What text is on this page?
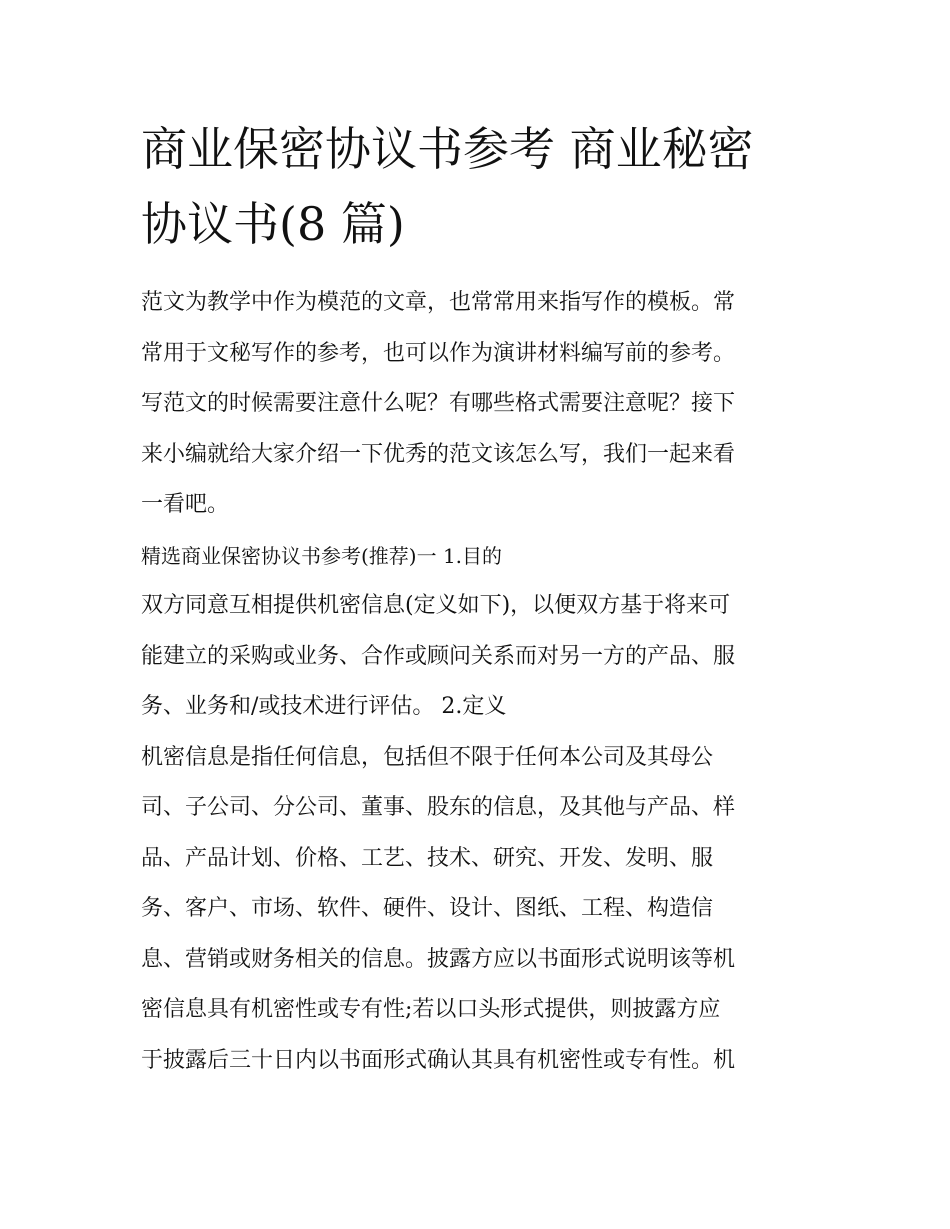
商业保密协议书参考 商业秘密
协议书(8 篇)
范文为教学中作为模范的文章，也常常用来指写作的模板。常
常用于文秘写作的参考，也可以作为演讲材料编写前的参考。
写范文的时候需要注意什么呢？有哪些格式需要注意呢？接下
来小编就给大家介绍一下优秀的范文该怎么写，我们一起来看
一看吧。
精选商业保密协议书参考(推荐)一 1.目的
双方同意互相提供机密信息(定义如下)，以便双方基于将来可
能建立的采购或业务、合作或顾问关系而对另一方的产品、服
务、业务和/或技术进行评估。 2.定义
机密信息是指任何信息，包括但不限于任何本公司及其母公
司、子公司、分公司、董事、股东的信息，及其他与产品、样
品、产品计划、价格、工艺、技术、研究、开发、发明、服
务、客户、市场、软件、硬件、设计、图纸、工程、构造信
息、营销或财务相关的信息。披露方应以书面形式说明该等机
密信息具有机密性或专有性;若以口头形式提供，则披露方应
于披露后三十日内以书面形式确认其具有机密性或专有性。机
